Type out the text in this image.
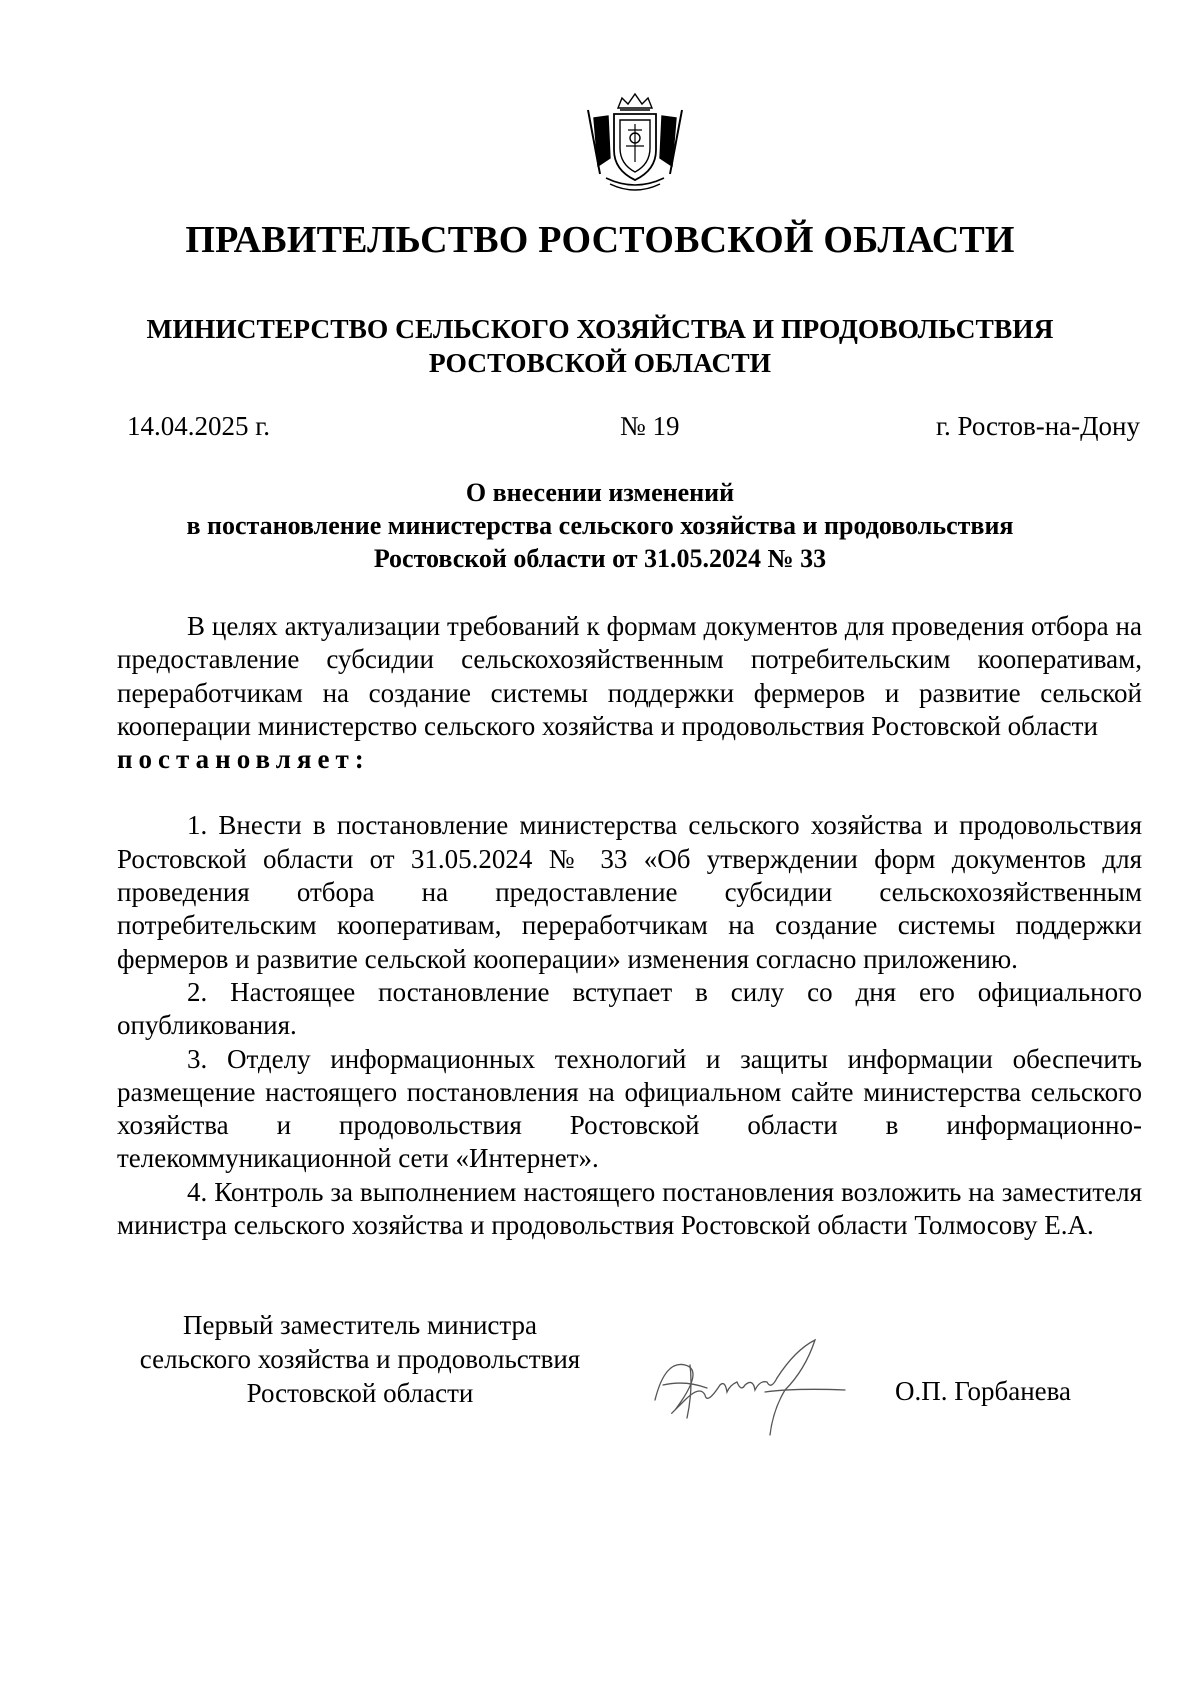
ПРАВИТЕЛЬСТВО РОСТОВСКОЙ ОБЛАСТИ
МИНИСТЕРСТВО СЕЛЬСКОГО ХОЗЯЙСТВА И ПРОДОВОЛЬСТВИЯ
РОСТОВСКОЙ ОБЛАСТИ
14.04.2025 г.	№ 19	г. Ростов-на-Дону
О внесении изменений
в постановление министерства сельского хозяйства и продовольствия
Ростовской области от 31.05.2024 № 33

В целях актуализации требований к формам документов для проведения отбора на предоставление субсидии сельскохозяйственным потребительским кооперативам, переработчикам на создание системы поддержки фермеров и развитие сельской кооперации министерство сельского хозяйства и продовольствия Ростовской области

постановляет:

1. Внести в постановление министерства сельского хозяйства и продовольствия Ростовской области от 31.05.2024 № 33 «Об утверждении форм документов для проведения отбора на предоставление субсидии сельскохозяйственным потребительским кооперативам, переработчикам на создание системы поддержки фермеров и развитие сельской кооперации» изменения согласно приложению.

2. Настоящее постановление вступает в силу со дня его официального опубликования.

3. Отделу информационных технологий и защиты информации обеспечить размещение настоящего постановления на официальном сайте министерства сельского хозяйства и продовольствия Ростовской области в информационно-телекоммуникационной сети «Интернет».

4. Контроль за выполнением настоящего постановления возложить на заместителя министра сельского хозяйства и продовольствия Ростовской области Толмосову Е.А.

Первый заместитель министра
сельского хозяйства и продовольствия
Ростовской области	О.П. Горбанева
